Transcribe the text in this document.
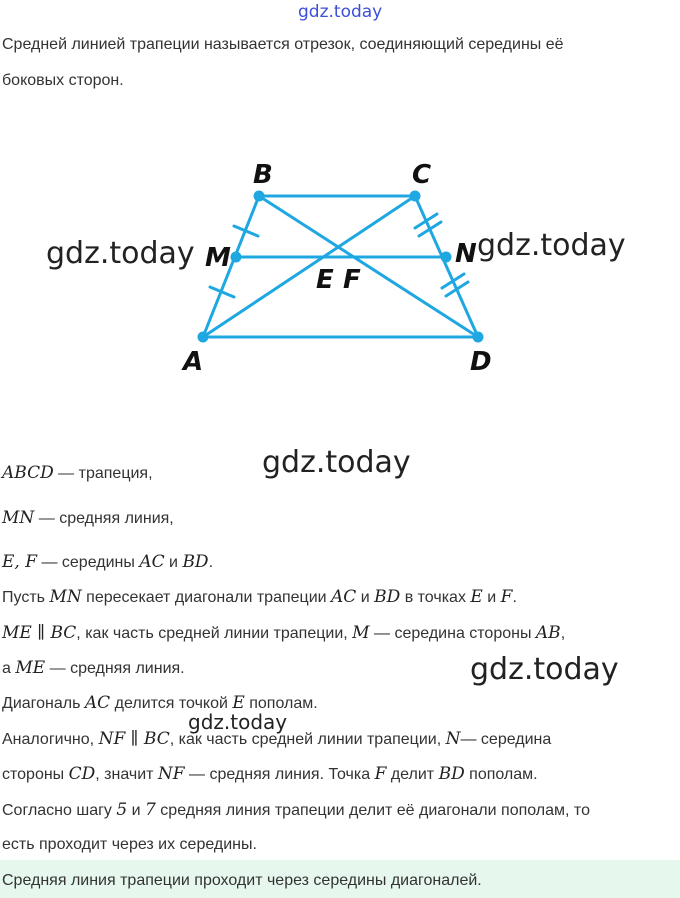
gdz.today
Средней линией трапеции называется отрезок, соединяющий середины её
боковых сторон.
B	C
A	D
M	N
E F
gdz.today	gdz.today
gdz.today
gdz.today
gdz.today
ABCD — трапеция,
MN — средняя линия,
E, F — середины AC и BD.
Пусть MN пересекает диагонали трапеции AC и BD в точках E и F.
ME ∥ BC, как часть средней линии трапеции, M — середина стороны AB,
а ME — средняя линия.
Диагональ AC делится точкой E пополам.
Аналогично, NF ∥ BC, как часть средней линии трапеции, N— середина
стороны CD, значит NF — средняя линия. Точка F делит BD пополам.
Согласно шагу 5 и 7 средняя линия трапеции делит её диагонали пополам, то
есть проходит через их середины.
Средняя линия трапеции проходит через середины диагоналей.
